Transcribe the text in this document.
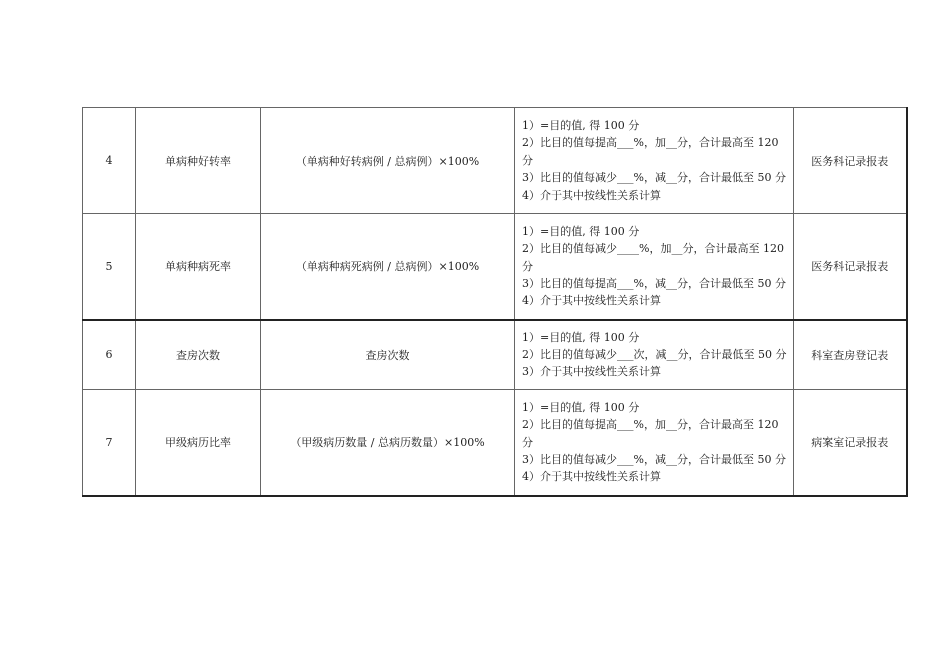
4	单病种好转率	（单病种好转病例 / 总病例）×100%	1）=目的值, 得 100 分
2）比目的值每提高___%，加__分，合计最高至 120 分
3）比目的值每减少___%，减__分，合计最低至 50 分
4）介于其中按线性关系计算	医务科记录报表
5	单病种病死率	（单病种病死病例 / 总病例）×100%	1）=目的值, 得 100 分
2）比目的值每减少____%，加__分，合计最高至 120 分
3）比目的值每提高___%，减__分，合计最低至 50 分
4）介于其中按线性关系计算	医务科记录报表
6	查房次数	查房次数	1）=目的值, 得 100 分
2）比目的值每减少___次，减__分，合计最低至 50 分
3）介于其中按线性关系计算	科室查房登记表
7	甲级病历比率	（甲级病历数量 / 总病历数量）×100%	1）=目的值, 得 100 分
2）比目的值每提高___%，加__分，合计最高至 120 分
3）比目的值每减少___%，减__分，合计最低至 50 分
4）介于其中按线性关系计算	病案室记录报表
